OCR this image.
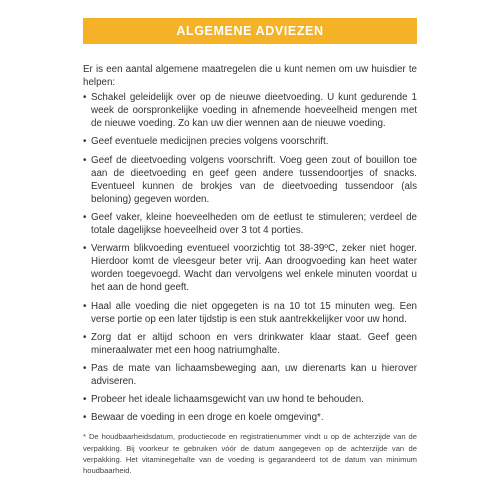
ALGEMENE ADVIEZEN

Er is een aantal algemene maatregelen die u kunt nemen om uw huisdier te helpen:

• Schakel geleidelijk over op de nieuwe dieetvoeding. U kunt gedurende 1 week de oorspronkelijke voeding in afnemende hoeveelheid mengen met de nieuwe voeding. Zo kan uw dier wennen aan de nieuwe voeding.
• Geef eventuele medicijnen precies volgens voorschrift.
• Geef de dieetvoeding volgens voorschrift. Voeg geen zout of bouillon toe aan de dieetvoeding en geef geen andere tussendoortjes of snacks. Eventueel kunnen de brokjes van de dieetvoeding tussendoor (als beloning) gegeven worden.
• Geef vaker, kleine hoeveelheden om de eetlust te stimuleren; verdeel de totale dagelijkse hoeveelheid over 3 tot 4 porties.
• Verwarm blikvoeding eventueel voorzichtig tot 38-39ºC, zeker niet hoger. Hierdoor komt de vleesgeur beter vrij. Aan droogvoeding kan heet water worden toegevoegd. Wacht dan vervolgens wel enkele minuten voordat u het aan de hond geeft.
• Haal alle voeding die niet opgegeten is na 10 tot 15 minuten weg. Een verse portie op een later tijdstip is een stuk aantrekkelijker voor uw hond.
• Zorg dat er altijd schoon en vers drinkwater klaar staat. Geef geen mineraalwater met een hoog natriumghalte.
• Pas de mate van lichaamsbeweging aan, uw dierenarts kan u hierover adviseren.
• Probeer het ideale lichaamsgewicht van uw hond te behouden.
• Bewaar de voeding in een droge en koele omgeving*.

* De houdbaarheidsdatum, productiecode en registratienummer vindt u op de achterzijde van de verpakking. Bij voorkeur te gebruiken vóór de datum aangegeven op de achterzijde van de verpakking. Het vitaminegehalte van de voeding is gegarandeerd tot de datum van minimum houdbaarheid.
